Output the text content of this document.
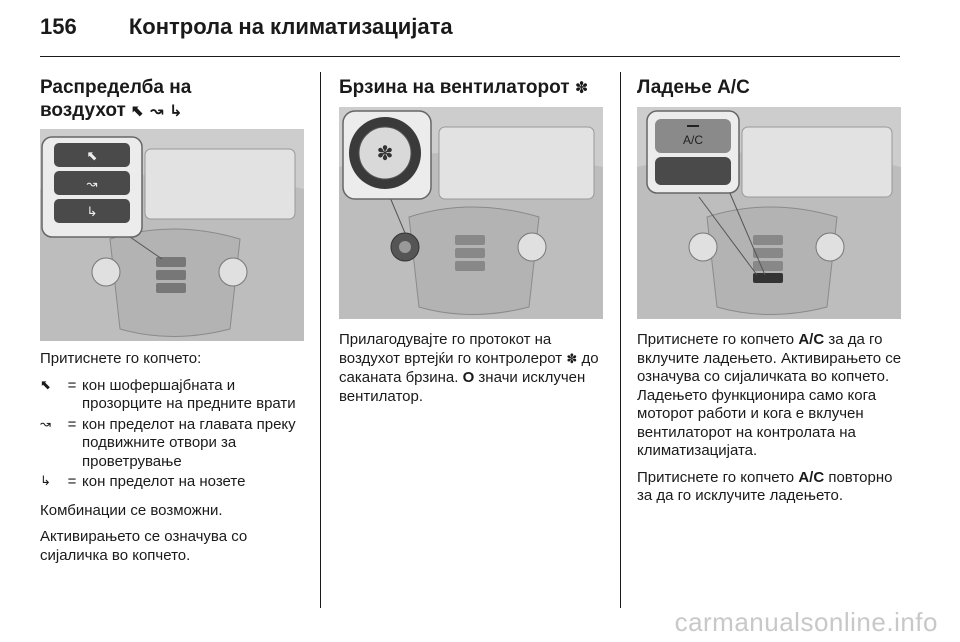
156 Контрола на климатизацијата
Распределба на
воздухот ⬉ ↝ ↳
⬉
↝
↳

Притиснете го копчето:

⬉	= кон шофершајбната и прозорците на предните врати
↝	= кон пределот на главата преку подвижните отвори за проветрување
↳	= кон пределот на нозете

Комбинации се возможни.

Активирањето се означува со сијаличка во копчето.

Брзина на вентилаторот ✽
✽

Прилагодувајте го протокот на воздухот вртејќи го контролерот ✽ до саканата брзина. O значи исклучен вентилатор.

Ладење A/C
A/C

Притиснете го копчето A/C за да го вклучите ладењето. Активирањето се означува со сијаличката во копчето. Ладењето функционира само кога моторот работи и кога е вклучен вентилаторот на контролата на климатизацијата.

Притиснете го копчето A/C повторно за да го исклучите ладењето.

carmanualsonline.info
